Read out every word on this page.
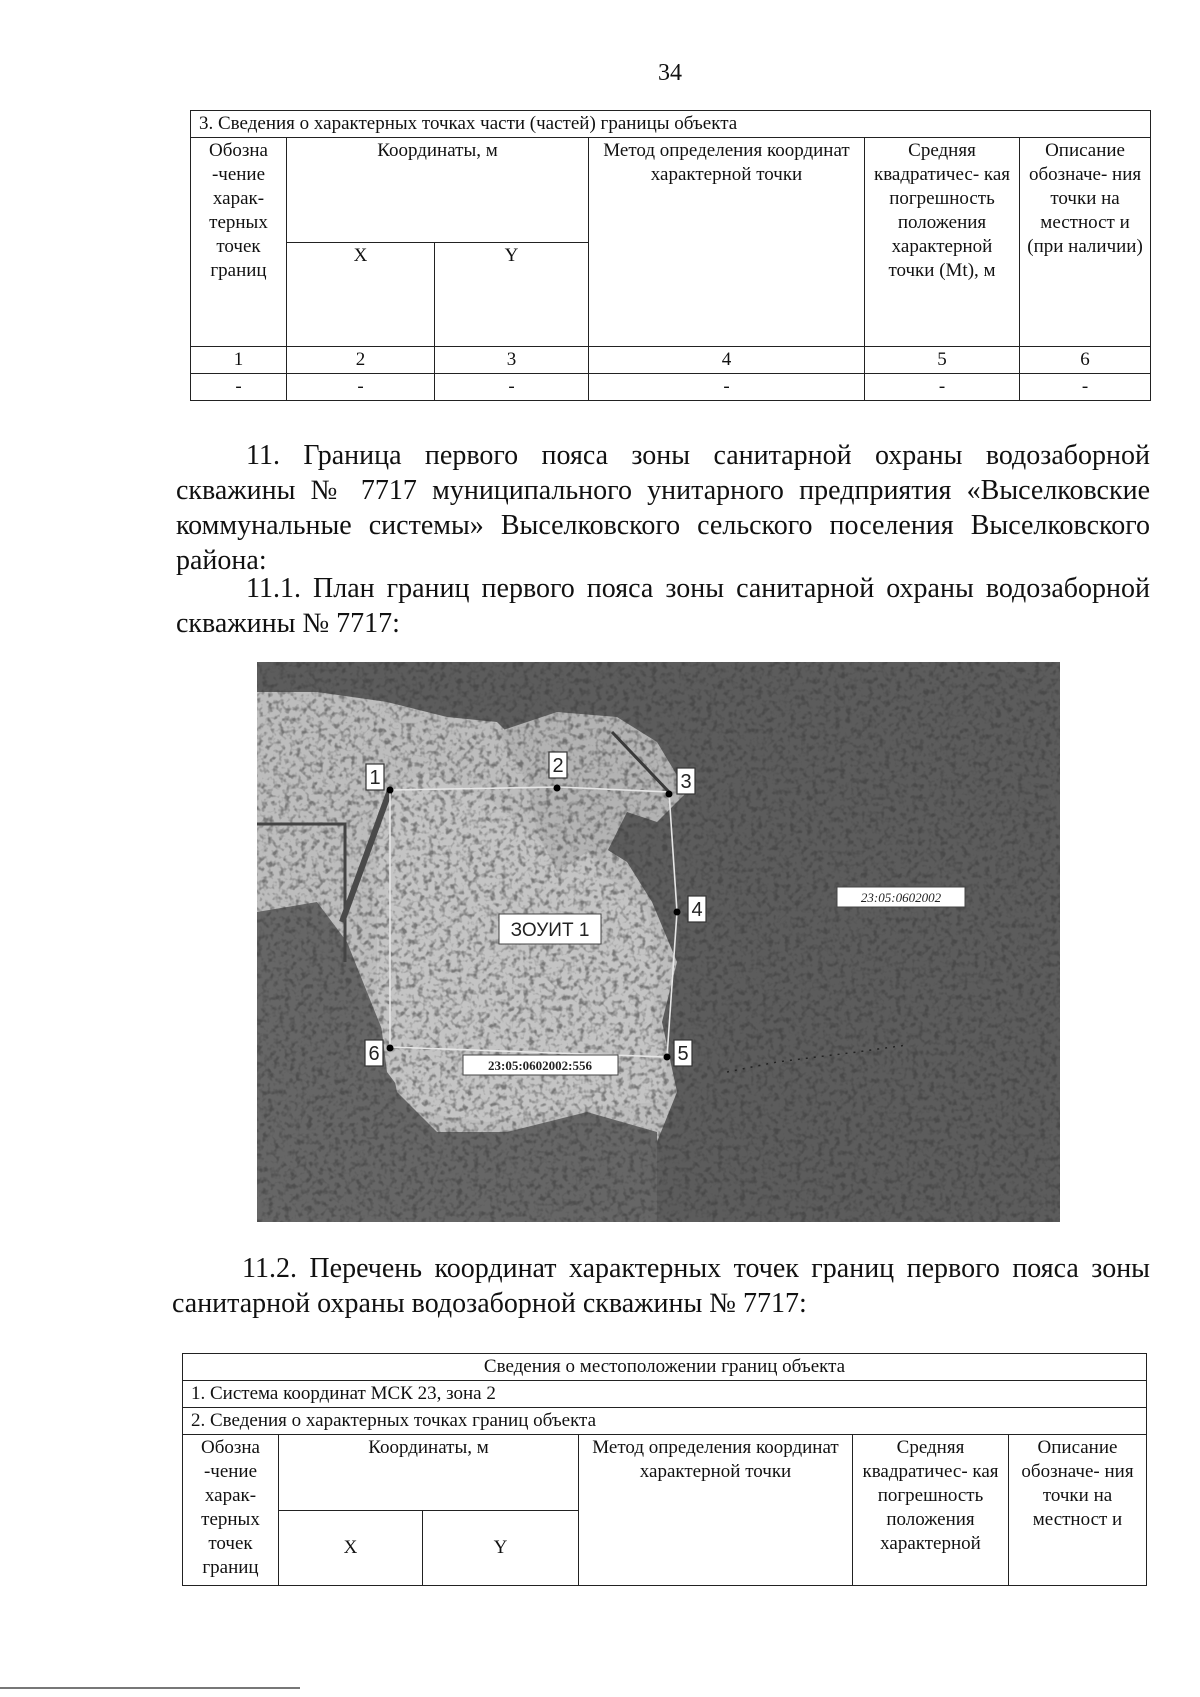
34
3. Сведения о характерных точках части (частей) границы объекта					
Обозна -чение харак- терных точек границ	Координаты, м		Метод определения координат характерной точки	Средняя квадратичес- кая погрешность положения характерной точки (Mt), м	Описание обозначе- ния точки на местност и (при наличии)
	X	Y			
1	2	3	4	5	6
-	-	-	-	-	-

11. Граница первого пояса зоны санитарной охраны водозаборной скважины № 7717 муниципального унитарного предприятия «Выселковские коммунальные системы» Выселковского сельского поселения Выселковского района:

11.1. План границ первого пояса зоны санитарной охраны водозаборной скважины № 7717:

1
2
3
4
5
6
ЗОУИТ 1
23:05:0602002
23:05:0602002:556

11.2. Перечень координат характерных точек границ первого пояса зоны санитарной охраны водозаборной скважины № 7717:

Сведения о местоположении границ объекта					
1. Система координат МСК 23, зона 2					
2. Сведения о характерных точках границ объекта					
Обозна -чение харак- терных точек границ	Координаты, м		Метод определения координат характерной точки	Средняя квадратичес- кая погрешность положения характерной	Описание обозначе- ния точки на местност и
	X	Y			
